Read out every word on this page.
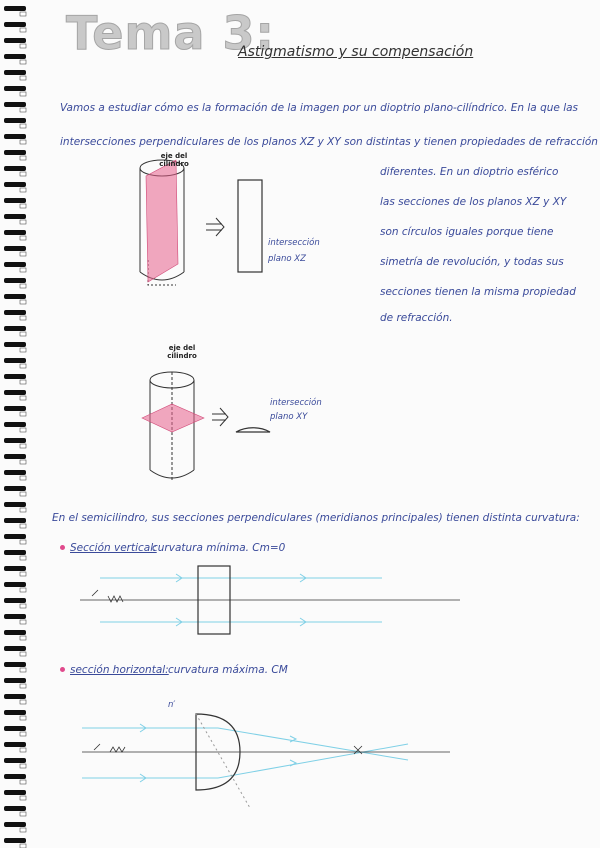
Tema 3:
Astigmatismo y su compensación
Vamos a estudiar cómo es la formación de la imagen por un dioptrio plano-cilíndrico. En la que las
intersecciones perpendiculares de los planos XZ y XY son distintas y tienen propiedades de refracción
diferentes. En un dioptrio esférico
las secciones de los planos XZ y XY
son círculos iguales porque tiene
simetría de revolución, y todas sus
secciones tienen la misma propiedad
de refracción.
eje del cilindro
intersección
plano XZ
eje del cilindro
intersección
plano XY
En el semicilindro, sus secciones perpendiculares (meridianos principales) tienen distinta curvatura:
Sección vertical:
curvatura mínima. Cm=0
sección horizontal: curvatura máxima. CM
n′
